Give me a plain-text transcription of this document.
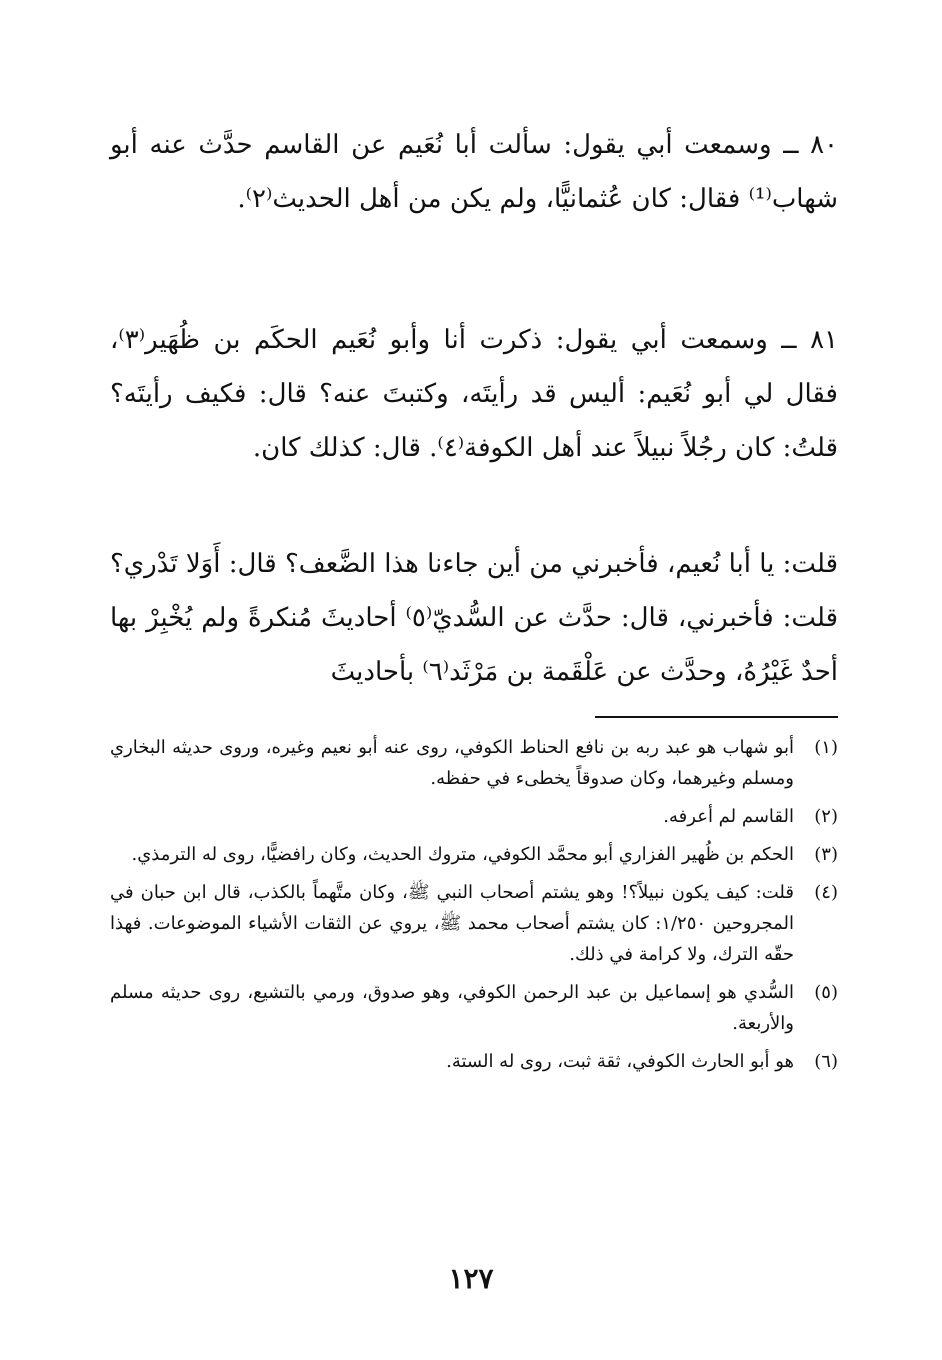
٨٠ ــ وسمعت أبي يقول: سألت أبا نُعَيم عن القاسم حدَّث عنه أبو شهاب⁽¹⁾ فقال: كان عُثمانيًّا، ولم يكن من أهل الحديث⁽٢⁾.
٨١ ــ وسمعت أبي يقول: ذكرت أنا وأبو نُعَيم الحكَم بن ظُهَير⁽٣⁾، فقال لي أبو نُعَيم: أليس قد رأيتَه، وكتبتَ عنه؟ قال: فكيف رأيتَه؟ قلتُ: كان رجُلاً نبيلاً عند أهل الكوفة⁽٤⁾. قال: كذلك كان.
قلت: يا أبا نُعيم، فأخبرني من أين جاءنا هذا الضَّعف؟ قال: أَوَلا تَدْري؟ قلت: فأخبرني، قال: حدَّث عن السُّديّ⁽٥⁾ أحاديثَ مُنكرةً ولم يُخْبِرْ بها أحدٌ غَيْرُهُ، وحدَّث عن عَلْقَمة بن مَرْثَد⁽٦⁾ بأحاديثَ
(١)
أبو شهاب هو عبد ربه بن نافع الحناط الكوفي، روى عنه أبو نعيم وغيره، وروى حديثه البخاري ومسلم وغيرهما، وكان صدوقاً يخطىء في حفظه.
(٢)
القاسم لم أعرفه.
(٣)
الحكم بن ظُهير الفزاري أبو محمَّد الكوفي، متروك الحديث، وكان رافضيًّا، روى له الترمذي.
(٤)
قلت: كيف يكون نبيلاً؟! وهو يشتم أصحاب النبي ﷺ، وكان متَّهماً بالكذب، قال ابن حبان في المجروحين ١/٢٥٠: كان يشتم أصحاب محمد ﷺ، يروي عن الثقات الأشياء الموضوعات. فهذا حقّه الترك، ولا كرامة في ذلك.
(٥)
السُّدي هو إسماعيل بن عبد الرحمن الكوفي، وهو صدوق، ورمي بالتشيع، روى حديثه مسلم والأربعة.
(٦)
هو أبو الحارث الكوفي، ثقة ثبت، روى له الستة.
١٢٧
